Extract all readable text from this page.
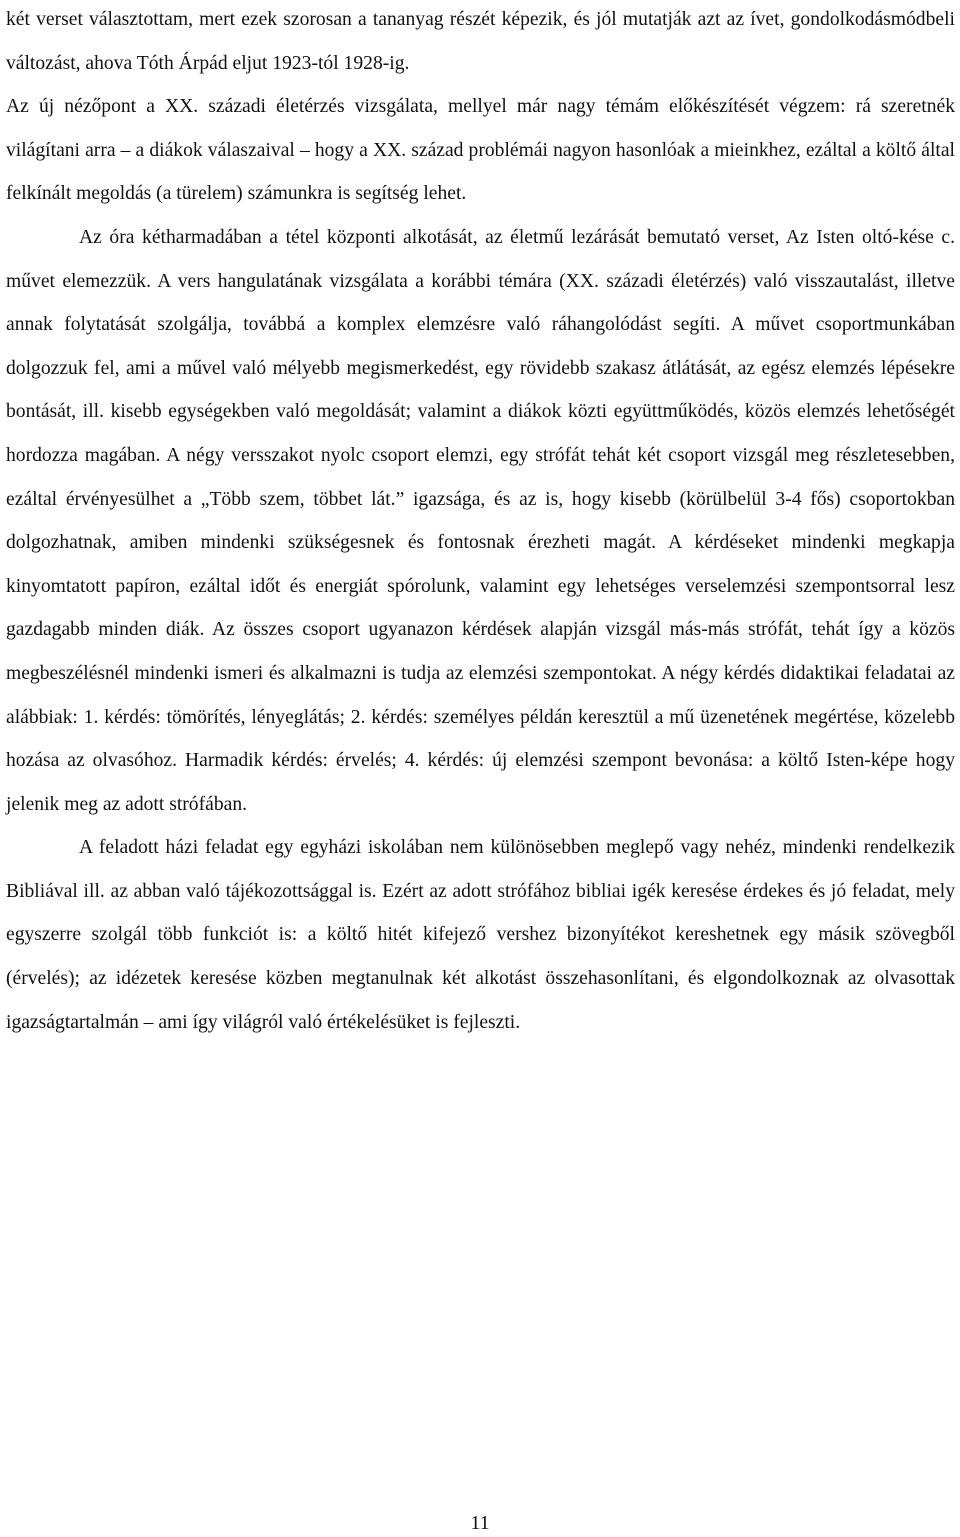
két verset választottam, mert ezek szorosan a tananyag részét képezik, és jól mutatják azt az ívet, gondolkodásmódbeli változást, ahova Tóth Árpád eljut 1923-tól 1928-ig.

Az új nézőpont a XX. századi életérzés vizsgálata, mellyel már nagy témám előkészítését végzem: rá szeretnék világítani arra – a diákok válaszaival – hogy a XX. század problémái nagyon hasonlóak a mieinkhez, ezáltal a költő által felkínált megoldás (a türelem) számunkra is segítség lehet.

Az óra kétharmadában a tétel központi alkotását, az életmű lezárását bemutató verset, Az Isten oltó-kése c. művet elemezzük. A vers hangulatának vizsgálata a korábbi témára (XX. századi életérzés) való visszautalást, illetve annak folytatását szolgálja, továbbá a komplex elemzésre való ráhangolódást segíti. A művet csoportmunkában dolgozzuk fel, ami a művel való mélyebb megismerkedést, egy rövidebb szakasz átlátását, az egész elemzés lépésekre bontását, ill. kisebb egységekben való megoldását; valamint a diákok közti együttműködés, közös elemzés lehetőségét hordozza magában. A négy versszakot nyolc csoport elemzi, egy strófát tehát két csoport vizsgál meg részletesebben, ezáltal érvényesülhet a „Több szem, többet lát.” igazsága, és az is, hogy kisebb (körülbelül 3-4 fős) csoportokban dolgozhatnak, amiben mindenki szükségesnek és fontosnak érezheti magát. A kérdéseket mindenki megkapja kinyomtatott papíron, ezáltal időt és energiát spórolunk, valamint egy lehetséges verselemzési szempontsorral lesz gazdagabb minden diák. Az összes csoport ugyanazon kérdések alapján vizsgál más-más strófát, tehát így a közös megbeszélésnél mindenki ismeri és alkalmazni is tudja az elemzési szempontokat. A négy kérdés didaktikai feladatai az alábbiak: 1. kérdés: tömörítés, lényeglátás; 2. kérdés: személyes példán keresztül a mű üzenetének megértése, közelebb hozása az olvasóhoz. Harmadik kérdés: érvelés; 4. kérdés: új elemzési szempont bevonása: a költő Isten-képe hogy jelenik meg az adott strófában.

A feladott házi feladat egy egyházi iskolában nem különösebben meglepő vagy nehéz, mindenki rendelkezik Bibliával ill. az abban való tájékozottsággal is. Ezért az adott strófához bibliai igék keresése érdekes és jó feladat, mely egyszerre szolgál több funkciót is: a költő hitét kifejező vershez bizonyítékot kereshetnek egy másik szövegből (érvelés); az idézetek keresése közben megtanulnak két alkotást összehasonlítani, és elgondolkoznak az olvasottak igazságtartalmán – ami így világról való értékelésüket is fejleszti.

11
